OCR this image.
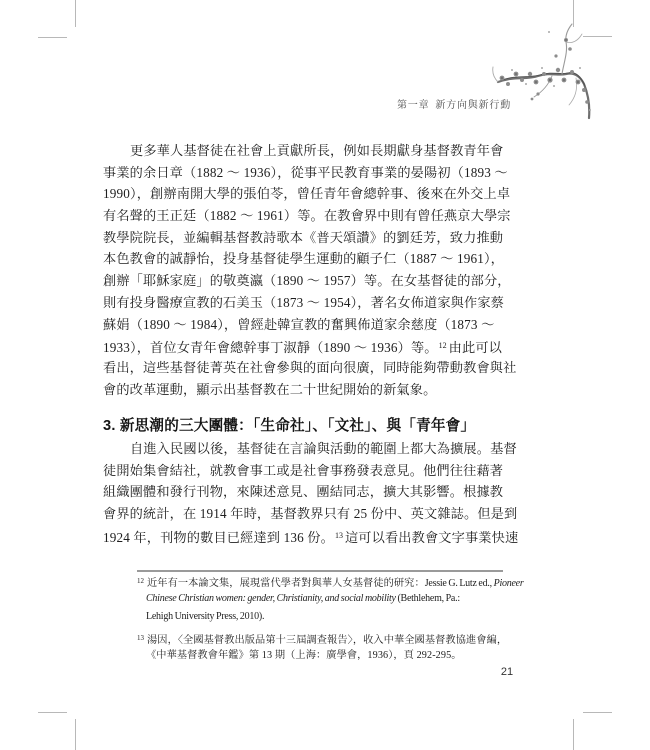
第一章 新方向與新行動
更多華人基督徒在社會上貢獻所長，例如長期獻身基督教青年會
事業的余日章（1882 ～ 1936），從事平民教育事業的晏陽初（1893 ～
1990），創辦南開大學的張伯苓，曾任青年會總幹事、後來在外交上卓
有名聲的王正廷（1882 ～ 1961）等。在教會界中則有曾任燕京大學宗
教學院院長，並編輯基督教詩歌本《普天頌讚》的劉廷芳，致力推動
本色教會的誠靜怡，投身基督徒學生運動的顧子仁（1887 ～ 1961），
創辦「耶穌家庭」的敬奠瀛（1890 ～ 1957）等。在女基督徒的部分，
則有投身醫療宣教的石美玉（1873 ～ 1954），著名女佈道家與作家蔡
蘇娟（1890 ～ 1984），曾經赴韓宣教的奮興佈道家余慈度（1873 ～
1933），首位女青年會總幹事丁淑靜（1890 ～ 1936）等。$^{12}$ 由此可以
看出，這些基督徒菁英在社會參與的面向很廣，同時能夠帶動教會與社
會的改革運動，顯示出基督教在二十世紀開始的新氣象。
3. 新思潮的三大團體：「生命社」、「文社」、與「青年會」
自進入民國以後，基督徒在言論與活動的範圍上都大為擴展。基督
徒開始集會結社，就教會事工或是社會事務發表意見。他們往往藉著
組織團體和發行刊物，來陳述意見、團結同志，擴大其影響。根據教
會界的統計，在 1914 年時，基督教界只有 25 份中、英文雜誌。但是到
1924 年，刊物的數目已經達到 136 份。$^{13}$ 這可以看出教會文字事業快速
$^{12}$ 近年有一本論文集，展現當代學者對與華人女基督徒的研究：Jessie G. Lutz ed., Pioneer
Chinese Christian women: gender, Christianity, and social mobility (Bethlehem, Pa.:
Lehigh University Press, 2010).
$^{13}$ 湯因，〈全國基督教出版品第十三屆調查報告〉，收入中華全國基督教協進會編，
《中華基督教會年鑑》第 13 期（上海：廣學會，1936），頁 292-295。
21
